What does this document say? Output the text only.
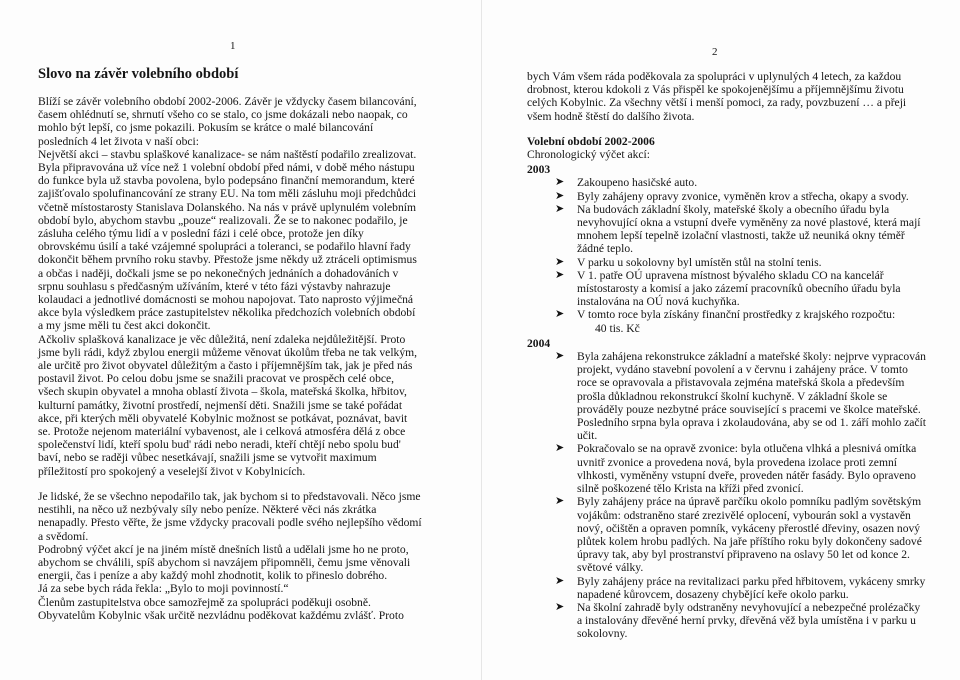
1
Slovo na závěr volebního období

Blíží se závěr volebního období 2002-2006. Závěr je vždycky časem bilancování, časem ohlédnutí se, shrnutí všeho co se stalo, co jsme dokázali nebo naopak, co mohlo být lepší, co jsme pokazili. Pokusím se krátce o malé bilancování posledních 4 let života v naší obci:

Největší akci – stavbu splaškové kanalizace- se nám naštěstí podařilo zrealizovat. Byla připravována už více než 1 volební období před námi, v době mého nástupu do funkce byla už stavba povolena, bylo podepsáno finanční memorandum, které zajišťovalo spolufinancování ze strany EU. Na tom měli zásluhu moji předchůdci včetně místostarosty Stanislava Dolanského. Na nás v právě uplynulém volebním období bylo, abychom stavbu „pouze“ realizovali. Že se to nakonec podařilo, je zásluha celého týmu lidí a v poslední fázi i celé obce, protože jen díky obrovskému úsilí a také vzájemné spolupráci a toleranci, se podařilo hlavní řady dokončit během prvního roku stavby. Přestože jsme někdy už ztráceli optimismus a občas i naději, dočkali jsme se po nekonečných jednáních a dohadováních v srpnu souhlasu s předčasným užíváním, které v této fázi výstavby nahrazuje kolaudaci a jednotlivé domácnosti se mohou napojovat. Tato naprosto výjimečná akce byla výsledkem práce zastupitelstev několika předchozích volebních období a my jsme měli tu čest akci dokončit.

Ačkoliv splašková kanalizace je věc důležitá, není zdaleka nejdůležitější. Proto jsme byli rádi, když zbylou energii můžeme věnovat úkolům třeba ne tak velkým, ale určitě pro život obyvatel důležitým a často i příjemnějším tak, jak je před nás postavil život. Po celou dobu jsme se snažili pracovat ve prospěch celé obce, všech skupin obyvatel a mnoha oblastí života – škola, mateřská školka, hřbitov, kulturní památky, životní prostředí, nejmenší děti. Snažili jsme se také pořádat akce, při kterých měli obyvatelé Kobylnic možnost se potkávat, poznávat, bavit se. Protože nejenom materiální vybavenost, ale i celková atmosféra dělá z obce společenství lidí, kteří spolu bud' rádi nebo neradi, kteří chtějí nebo spolu bud' baví, nebo se raději vůbec nesetkávají, snažili jsme se vytvořit maximum příležitostí pro spokojený a veselejší život v Kobylnicích.

Je lidské, že se všechno nepodařilo tak, jak bychom si to představovali. Něco jsme nestihli, na něco už nezbývaly síly nebo peníze. Některé věci nás zkrátka nenapadly. Přesto věřte, že jsme vždycky pracovali podle svého nejlepšího vědomí a svědomí.

Podrobný výčet akcí je na jiném místě dnešních listů a udělali jsme ho ne proto, abychom se chválili, spíš abychom si navzájem připomněli, čemu jsme věnovali energii, čas i peníze a aby každý mohl zhodnotit, kolik to přineslo dobrého.

Já za sebe bych ráda řekla: „Bylo to moji povinností.“

Členům zastupitelstva obce samozřejmě za spolupráci poděkuji osobně. Obyvatelům Kobylnic však určitě nezvládnu poděkovat každému zvlášť. Proto

2

bych Vám všem ráda poděkovala za spolupráci v uplynulých 4 letech, za každou drobnost, kterou kdokoli z Vás přispěl ke spokojenějšímu a příjemnějšímu životu celých Kobylnic. Za všechny větší i menší pomoci, za rady, povzbuzení … a přeji všem hodně štěstí do dalšího života.

Volební období 2002-2006

Chronologický výčet akcí:

2003

➤ Zakoupeno hasičské auto.
➤ Byly zahájeny opravy zvonice, vyměněn krov a střecha, okapy a svody.
➤ Na budovách základní školy, mateřské školy a obecního úřadu byla nevyhovující okna a vstupní dveře vyměněny za nové plastové, která mají mnohem lepší tepelně izolační vlastnosti, takže už neuniká okny téměř žádné teplo.
➤ V parku u sokolovny byl umístěn stůl na stolní tenis.
➤ V 1. patře OÚ upravena místnost bývalého skladu CO na kancelář místostarosty a komisí a jako zázemí pracovníků obecního úřadu byla instalována na OÚ nová kuchyňka.
➤ V tomto roce byla získány finanční prostředky z krajského rozpočtu:

40 tis. Kč

2004

➤ Byla zahájena rekonstrukce základní a mateřské školy: nejprve vypracován projekt, vydáno stavební povolení a v červnu i zahájeny práce. V tomto roce se opravovala a přistavovala zejména mateřská škola a především prošla důkladnou rekonstrukcí školní kuchyně. V základní škole se prováděly pouze nezbytné práce související s pracemi ve školce mateřské. Posledního srpna byla oprava i zkolaudována, aby se od 1. září mohlo začít učit.
➤ Pokračovalo se na opravě zvonice: byla otlučena vlhká a plesnivá omítka uvnitř zvonice a provedena nová, byla provedena izolace proti zemní vlhkosti, vyměněny vstupní dveře, proveden nátěr fasády. Bylo opraveno silně poškozené tělo Krista na kříži před zvonicí.
➤ Byly zahájeny práce na úpravě parčíku okolo pomníku padlým sovětským vojákům: odstraněno staré zrezivělé oplocení, vybourán sokl a vystavěn nový, očištěn a opraven pomník, vykáceny přerostlé dřeviny, osazen nový plůtek kolem hrobu padlých. Na jaře příštího roku byly dokončeny sadové úpravy tak, aby byl prostranství připraveno na oslavy 50 let od konce 2. světové války.
➤ Byly zahájeny práce na revitalizaci parku před hřbitovem, vykáceny smrky napadené kůrovcem, dosazeny chybějící keře okolo parku.
➤ Na školní zahradě byly odstraněny nevyhovující a nebezpečné prolézačky a instalovány dřevěné herní prvky, dřevěná věž byla umístěna i v parku u sokolovny.
